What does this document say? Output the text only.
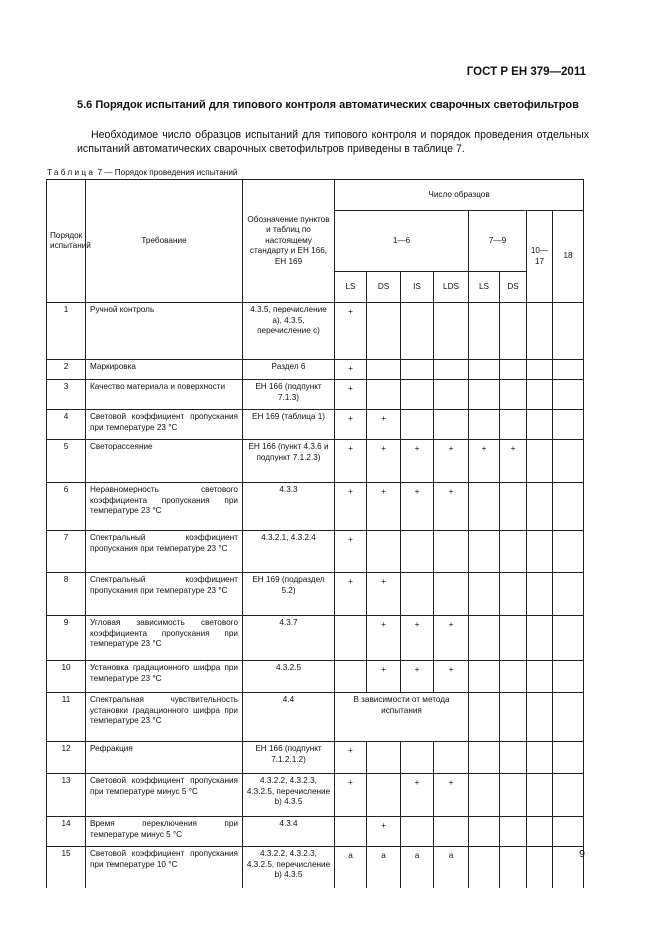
ГОСТ Р ЕН 379—2011
5.6 Порядок испытаний для типового контроля автоматических сварочных светофильтров
Необходимое число образцов испытаний для типового контроля и порядок проведения отдельных испытаний автоматических сварочных светофильтров приведены в таблице 7.
Таблица 7 — Порядок проведения испытаний
Порядок испытаний	Требование	Обозначение пунктов и таблиц по настоящему стандарту и ЕН 166, ЕН 169	Число образцов							
			1—6				7—9		10—17	18
			LS	DS	IS	LDS	LS	DS		
1	Ручной контроль	4.3.5, перечисление a), 4.3.5, перечисление c)	+							
2	Маркировка	Раздел 6	+							
3	Качество материала и поверхности	ЕН 166 (подпункт 7.1.3)	+							
4	Световой коэффициент пропускания при температуре 23 °С	ЕН 169 (таблица 1)	+	+						
5	Светорассеяние	ЕН 166 (пункт 4.3.6 и подпункт 7.1.2.3)	+	+	+	+	+	+		
6	Неравномерность светового коэффициента пропускания при температуре 23 °С	4.3.3	+	+	+	+				
7	Спектральный коэффициент пропускания при температуре 23 °С	4.3.2.1, 4.3.2.4	+							
8	Спектральный коэффициент пропускания при температуре 23 °С	ЕН 169 (подраздел 5.2)	+	+						
9	Угловая зависимость светового коэффициента пропускания при температуре 23 °С	4.3.7		+	+	+				
10	Установка градационного шифра при температуре 23 °С	4.3.2.5		+	+	+				
11	Спектральная чувствительность установки градационного шифра при температуре 23 °С	4.4	В зависимости от метода испытания							
12	Рефракция	ЕН 166 (подпункт 7.1.2.1.2)	+							
13	Световой коэффициент пропускания при температуре минус 5 °С	4.3.2.2, 4.3.2.3, 4.3.2.5, перечисление b) 4.3.5	+		+	+				
14	Время переключения при температуре минус 5 °С	4.3.4		+						
15	Световой коэффициент пропускания при температуре 10 °С	4.3.2.2, 4.3.2.3, 4.3.2.5, перечисление b) 4.3.5	a	a	a	a					9
